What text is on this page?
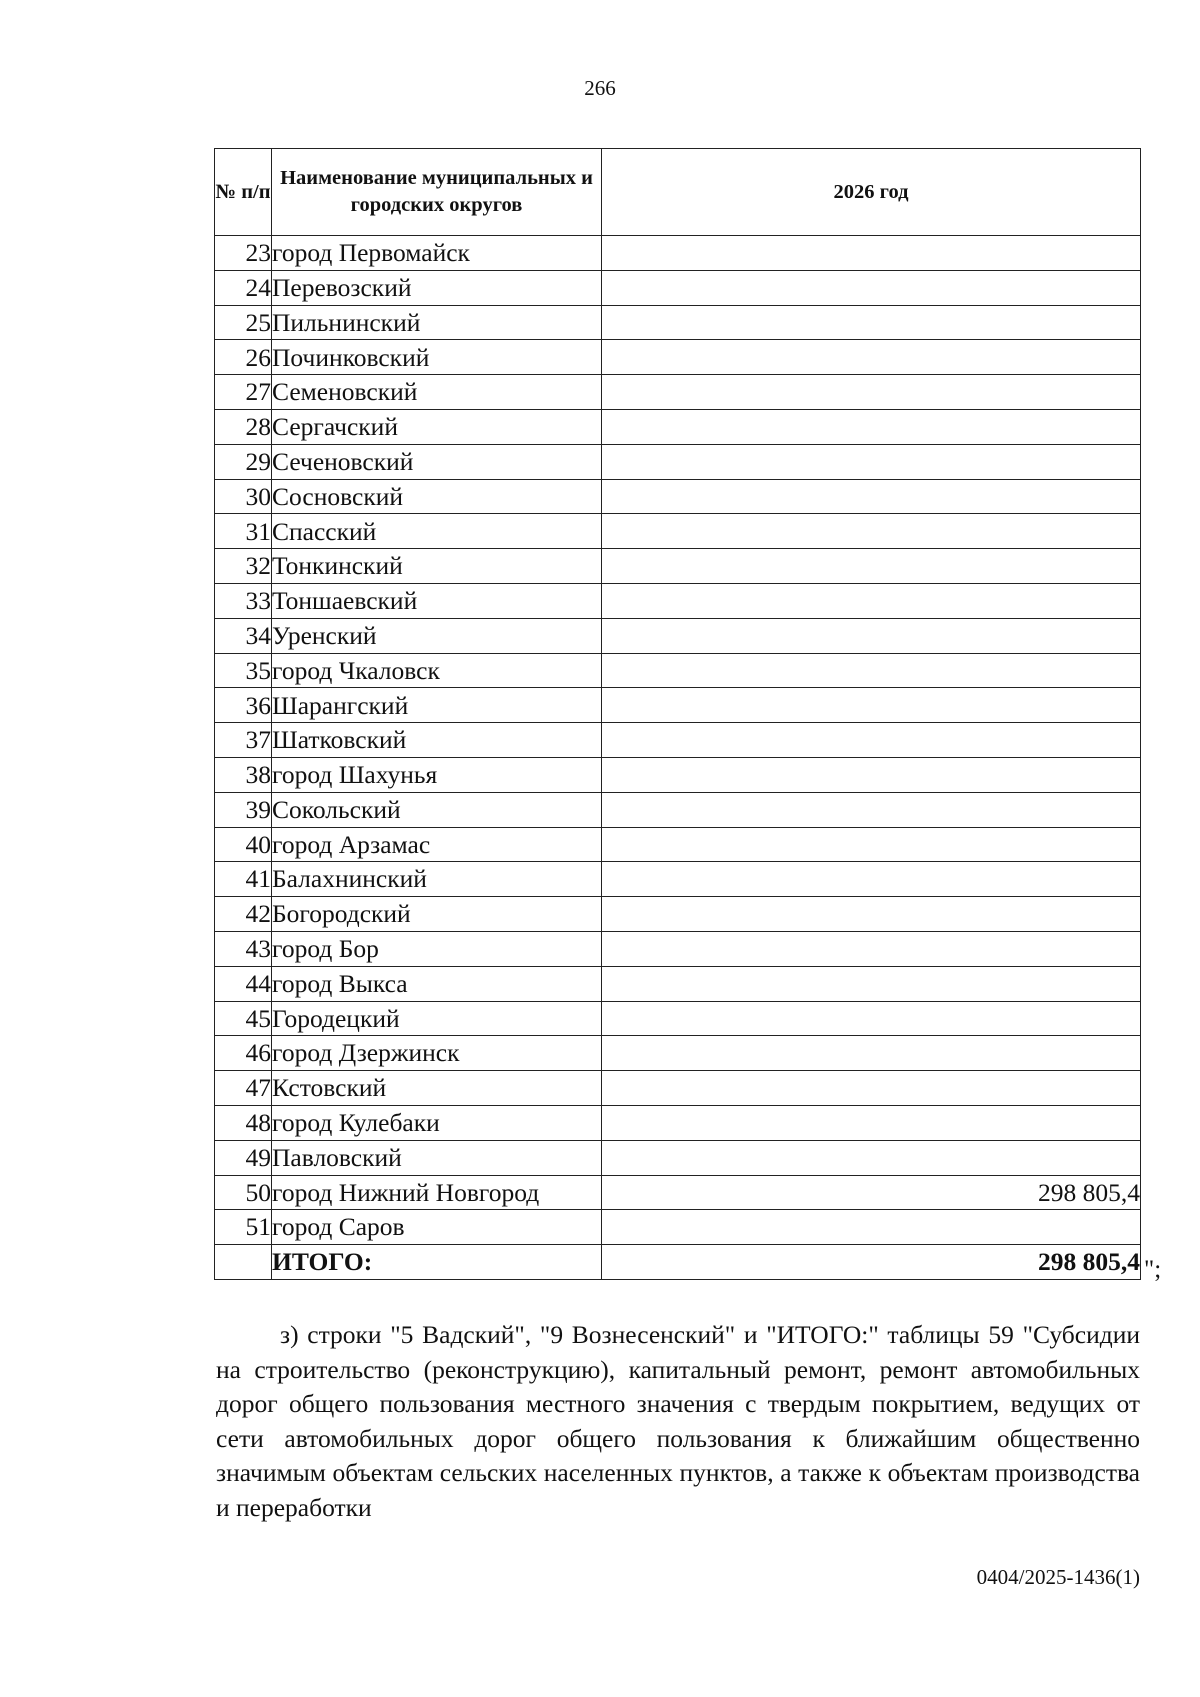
266
№ п/п	Наименование муниципальных и городских округов	2026 год
23	город Первомайск	
24	Перевозский	
25	Пильнинский	
26	Починковский	
27	Семеновский	
28	Сергачский	
29	Сеченовский	
30	Сосновский	
31	Спасский	
32	Тонкинский	
33	Тоншаевский	
34	Уренский	
35	город Чкаловск	
36	Шарангский	
37	Шатковский	
38	город Шахунья	
39	Сокольский	
40	город Арзамас	
41	Балахнинский	
42	Богородский	
43	город Бор	
44	город Выкса	
45	Городецкий	
46	город Дзержинск	
47	Кстовский	
48	город Кулебаки	
49	Павловский	
50	город Нижний Новгород	298 805,4
51	город Саров	
	ИТОГО:	298 805,4 ";

з) строки "5 Вадский", "9 Вознесенский" и "ИТОГО:" таблицы 59 "Субсидии на строительство (реконструкцию), капитальный ремонт, ремонт автомобильных дорог общего пользования местного значения с твердым покрытием, ведущих от сети автомобильных дорог общего пользования к ближайшим общественно значимым объектам сельских населенных пунктов, а также к объектам производства и переработки

0404/2025-1436(1)
